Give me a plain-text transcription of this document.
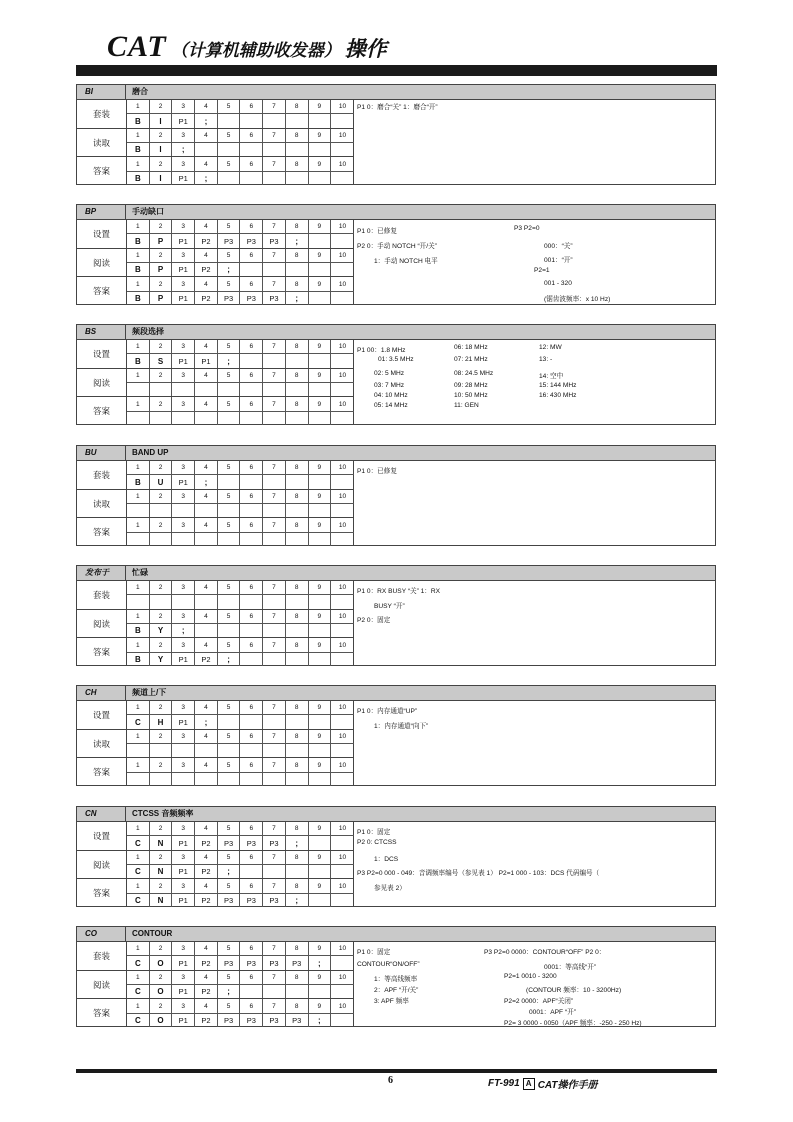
CAT （计算机辅助收发器） 操作
BI	磨合
套装
1	2	3	4	5	6	7	8	9	10
B	I	P1	;
读取
1	2	3	4	5	6	7	8	9	10
B	I	;
答案
1	2	3	4	5	6	7	8	9	10
B	I	P1	;
P1 0：磨合“关” 1：磨合“开”
BP	手动缺口
设置
1	2	3	4	5	6	7	8	9	10
B	P	P1	P2	P3	P3	P3	;
阅读
1	2	3	4	5	6	7	8	9	10
B	P	P1	P2	;
答案
1	2	3	4	5	6	7	8	9	10
B	P	P1	P2	P3	P3	P3	;
P1 0：已修复	P3 P2=0
P2 0：手动 NOTCH “开/关”	000：“关”
1：手动 NOTCH 电平	001：“开”
P2=1
001 - 320
(锯齿波频率：x 10 Hz)
BS	频段选择
设置
1	2	3	4	5	6	7	8	9	10
B	S	P1	P1	;
阅读
1	2	3	4	5	6	7	8	9	10
答案
1	2	3	4	5	6	7	8	9	10
P1 00：1.8 MHz	06: 18 MHz	12: MW
01: 3.5 MHz	07: 21 MHz	13: -
02: 5 MHz	08: 24.5 MHz	14: 空中
03: 7 MHz	09: 28 MHz	15: 144 MHz
04: 10 MHz	10: 50 MHz	16: 430 MHz
05: 14 MHz	11: GEN
BU	BAND UP
套装
1	2	3	4	5	6	7	8	9	10
B	U	P1	;
读取
1	2	3	4	5	6	7	8	9	10
答案
1	2	3	4	5	6	7	8	9	10
P1 0：已修复
发布于	忙碌
套装
1	2	3	4	5	6	7	8	9	10
阅读
1	2	3	4	5	6	7	8	9	10
B	Y	;
答案
1	2	3	4	5	6	7	8	9	10
B	Y	P1	P2	;
P1 0：RX BUSY “关” 1：RX
BUSY “开”
P2 0：固定
CH	频道上/下
设置
1	2	3	4	5	6	7	8	9	10
C	H	P1	;
读取
1	2	3	4	5	6	7	8	9	10
答案
1	2	3	4	5	6	7	8	9	10
P1 0：内存通道“UP”
1：内存通道“向下”
CN	CTCSS 音频频率
设置
1	2	3	4	5	6	7	8	9	10
C	N	P1	P2	P3	P3	P3	;
阅读
1	2	3	4	5	6	7	8	9	10
C	N	P1	P2	;
答案
1	2	3	4	5	6	7	8	9	10
C	N	P1	P2	P3	P3	P3	;
P1 0：固定
P2 0: CTCSS
1：DCS
P3 P2=0 000 - 049：音调频率编号（参见表 1） P2=1 000 - 103：DCS 代码编号（
参见表 2）
CO	CONTOUR
套装
1	2	3	4	5	6	7	8	9	10
C	O	P1	P2	P3	P3	P3	P3	;
阅读
1	2	3	4	5	6	7	8	9	10
C	O	P1	P2	;
答案
1	2	3	4	5	6	7	8	9	10
C	O	P1	P2	P3	P3	P3	P3	;
P1 0：固定	P3 P2=0 0000：CONTOUR“OFF” P2 0：
CONTOUR“ON/OFF”	0001：等高线“开”
1：等高线频率	P2=1 0010 - 3200
2：APF “开/关”	(CONTOUR 频率：10 - 3200Hz)
3: APF 频率	P2=2 0000：APF“关闭”
0001：APF “开”
P2= 3 0000 - 0050（APF 频率：-250 - 250 Hz)
6	FT-991 A CAT操作手册
